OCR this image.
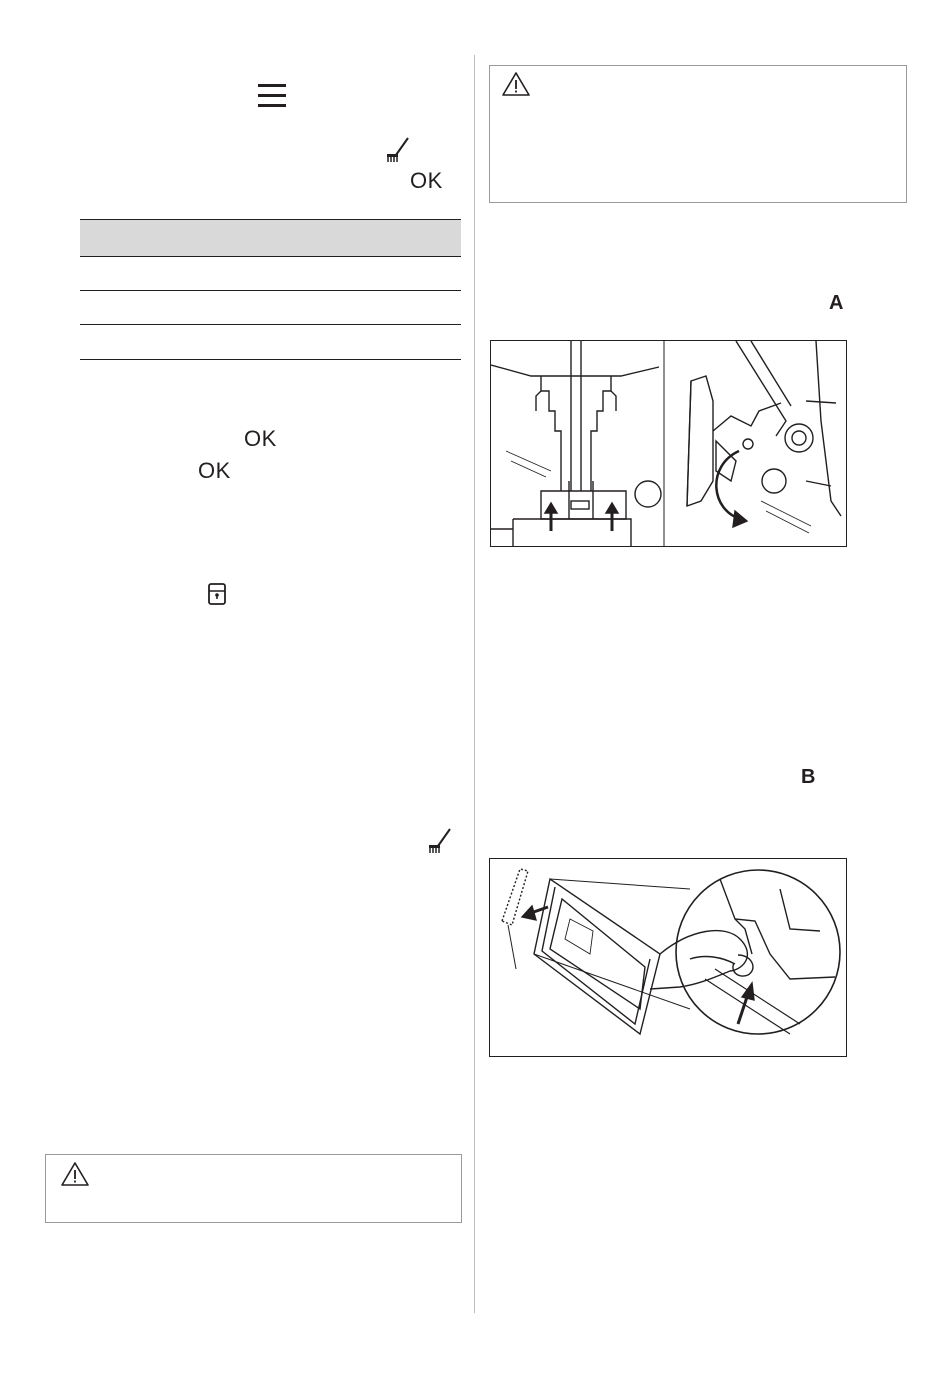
OK
OK
OK
A
B
